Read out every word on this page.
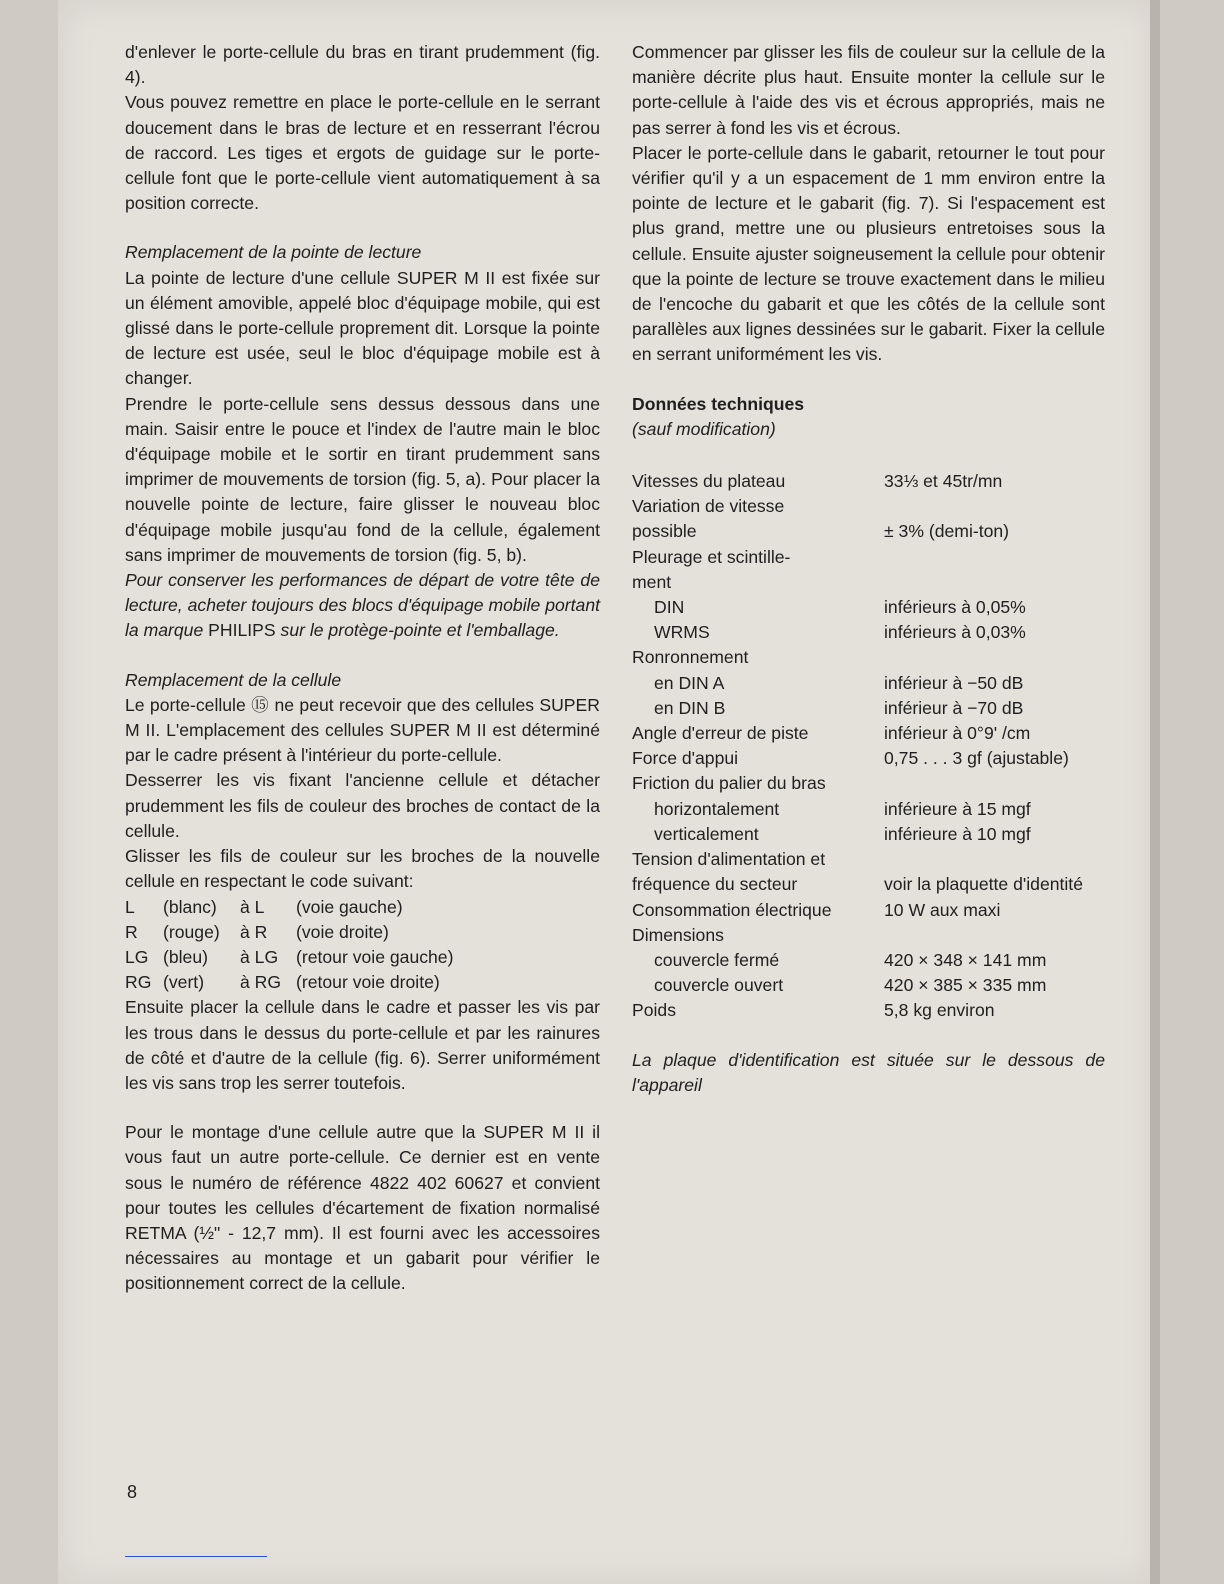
d'enlever le porte-cellule du bras en tirant prudemment (fig. 4).

Vous pouvez remettre en place le porte-cellule en le serrant doucement dans le bras de lecture et en resserrant l'écrou de raccord. Les tiges et ergots de guidage sur le porte-cellule font que le porte-cellule vient automatiquement à sa position correcte.

Remplacement de la pointe de lecture

La pointe de lecture d'une cellule SUPER M II est fixée sur un élément amovible, appelé bloc d'équipage mobile, qui est glissé dans le porte-cellule proprement dit. Lorsque la pointe de lecture est usée, seul le bloc d'équipage mobile est à changer.

Prendre le porte-cellule sens dessus dessous dans une main. Saisir entre le pouce et l'index de l'autre main le bloc d'équipage mobile et le sortir en tirant prudemment sans imprimer de mouvements de torsion (fig. 5, a). Pour placer la nouvelle pointe de lecture, faire glisser le nouveau bloc d'équipage mobile jusqu'au fond de la cellule, également sans imprimer de mouvements de torsion (fig. 5, b).

Pour conserver les performances de départ de votre tête de lecture, acheter toujours des blocs d'équipage mobile portant la marque PHILIPS sur le protège-pointe et l'emballage.

Remplacement de la cellule

Le porte-cellule ⑮ ne peut recevoir que des cellules SUPER M II. L'emplacement des cellules SUPER M II est déterminé par le cadre présent à l'intérieur du porte-cellule.

Desserrer les vis fixant l'ancienne cellule et détacher prudemment les fils de couleur des broches de contact de la cellule.

Glisser les fils de couleur sur les broches de la nouvelle cellule en respectant le code suivant:

L	(blanc)	à L	(voie gauche)
R	(rouge)	à R	(voie droite)
LG (bleu)	à LG	(retour voie gauche)
RG (vert)	à RG (retour voie droite)

Ensuite placer la cellule dans le cadre et passer les vis par les trous dans le dessus du porte-cellule et par les rainures de côté et d'autre de la cellule (fig. 6). Serrer uniformément les vis sans trop les serrer toutefois.

Pour le montage d'une cellule autre que la SUPER M II il vous faut un autre porte-cellule. Ce dernier est en vente sous le numéro de référence 4822 402 60627 et convient pour toutes les cellules d'écartement de fixation normalisé RETMA (½" - 12,7 mm). Il est fourni avec les accessoires nécessaires au montage et un gabarit pour vérifier le positionnement correct de la cellule.

Commencer par glisser les fils de couleur sur la cellule de la manière décrite plus haut. Ensuite monter la cellule sur le porte-cellule à l'aide des vis et écrous appropriés, mais ne pas serrer à fond les vis et écrous.

Placer le porte-cellule dans le gabarit, retourner le tout pour vérifier qu'il y a un espacement de 1 mm environ entre la pointe de lecture et le gabarit (fig. 7). Si l'espacement est plus grand, mettre une ou plusieurs entretoises sous la cellule. Ensuite ajuster soigneusement la cellule pour obtenir que la pointe de lecture se trouve exactement dans le milieu de l'encoche du gabarit et que les côtés de la cellule sont parallèles aux lignes dessinées sur le gabarit. Fixer la cellule en serrant uniformément les vis.

Données techniques

(sauf modification)

Vitesses du plateau	33⅓ et 45tr/mn
Variation de vitesse	
possible	± 3% (demi-ton)
Pleurage et scintille-	
ment	
DIN	inférieurs à 0,05%
WRMS	inférieurs à 0,03%
Ronronnement	
en DIN A	inférieur à −50 dB
en DIN B	inférieur à −70 dB
Angle d'erreur de piste	inférieur à 0°9' /cm
Force d'appui	0,75 . . . 3 gf (ajustable)
Friction du palier du bras	
horizontalement	inférieure à 15 mgf
verticalement	inférieure à 10 mgf
Tension d'alimentation et	
fréquence du secteur	voir la plaquette d'identité
Consommation électrique	10 W aux maxi
Dimensions	
couvercle fermé	420 × 348 × 141 mm
couvercle ouvert	420 × 385 × 335 mm
Poids	5,8 kg environ

La plaque d'identification est située sur le dessous de l'appareil

8
